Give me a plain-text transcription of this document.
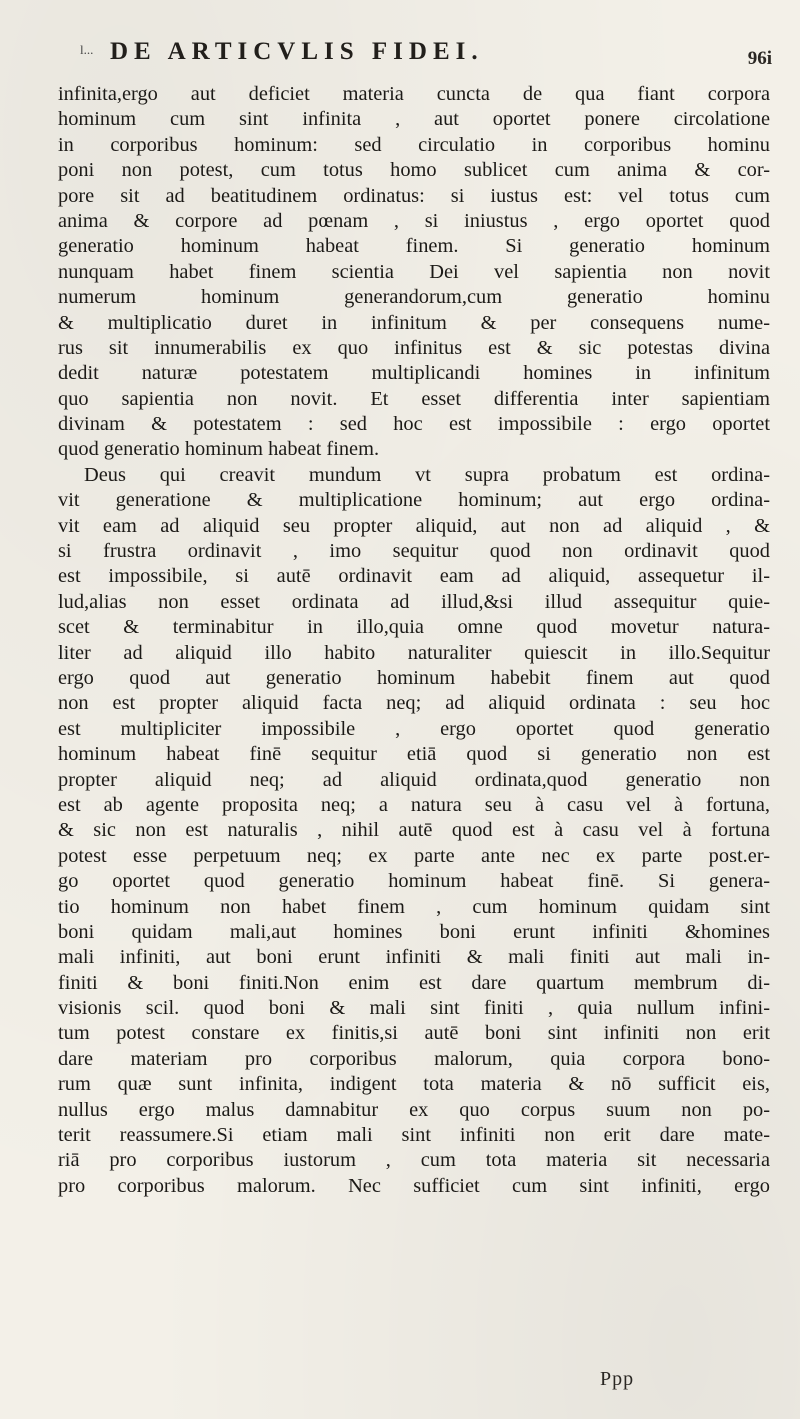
l... DE ARTICVLIS FIDEI.	96i
infinita,ergo aut deficiet materia cuncta de qua fiant corpora
hominum cum sint infinita , aut oportet ponere circolatione
in corporibus hominum: sed circulatio in corporibus hominu
poni non potest, cum totus homo sublicet cum anima & cor-
pore sit ad beatitudinem ordinatus: si iustus est: vel totus cum
anima & corpore ad pœnam , si iniustus , ergo oportet quod
generatio hominum habeat finem. Si generatio hominum
nunquam habet finem scientia Dei vel sapientia non novit
numerum hominum generandorum,cum generatio hominu
& multiplicatio duret in infinitum & per consequens nume-
rus sit innumerabilis ex quo infinitus est & sic potestas divina
dedit naturæ potestatem multiplicandi homines in infinitum
quo sapientia non novit. Et esset differentia inter sapientiam
divinam & potestatem : sed hoc est impossibile : ergo oportet
quod generatio hominum habeat finem.
Deus qui creavit mundum vt supra probatum est ordina-
vit generatione & multiplicatione hominum; aut ergo ordina-
vit eam ad aliquid seu propter aliquid, aut non ad aliquid , &
si frustra ordinavit , imo sequitur quod non ordinavit quod
est impossibile, si autē ordinavit eam ad aliquid, assequetur il-
lud,alias non esset ordinata ad illud,&si illud assequitur quie-
scet & terminabitur in illo,quia omne quod movetur natura-
liter ad aliquid illo habito naturaliter quiescit in illo.Sequitur
ergo quod aut generatio hominum habebit finem aut quod
non est propter aliquid facta neq; ad aliquid ordinata : seu hoc
est multipliciter impossibile , ergo oportet quod generatio
hominum habeat finē sequitur etiā quod si generatio non est
propter aliquid neq; ad aliquid ordinata,quod generatio non
est ab agente proposita neq; a natura seu à casu vel à fortuna,
& sic non est naturalis , nihil autē quod est à casu vel à fortuna
potest esse perpetuum neq; ex parte ante nec ex parte post.er-
go oportet quod generatio hominum habeat finē. Si genera-
tio hominum non habet finem , cum hominum quidam sint
boni quidam mali,aut homines boni erunt infiniti &homines
mali infiniti, aut boni erunt infiniti & mali finiti aut mali in-
finiti & boni finiti.Non enim est dare quartum membrum di-
visionis scil. quod boni & mali sint finiti , quia nullum infini-
tum potest constare ex finitis,si autē boni sint infiniti non erit
dare materiam pro corporibus malorum, quia corpora bono-
rum quæ sunt infinita, indigent tota materia & nō sufficit eis,
nullus ergo malus damnabitur ex quo corpus suum non po-
terit reassumere.Si etiam mali sint infiniti non erit dare mate-
riā pro corporibus iustorum , cum tota materia sit necessaria
pro corporibus malorum. Nec sufficiet cum sint infiniti, ergo
Ppp
